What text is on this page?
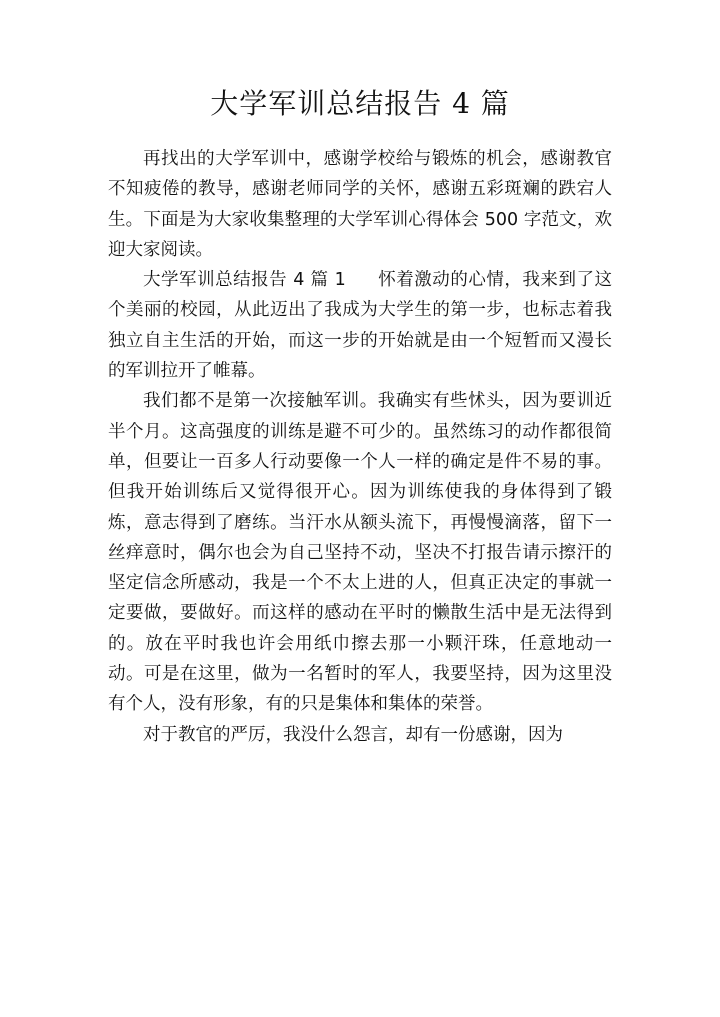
大学军训总结报告 4 篇

再找出的大学军训中，感谢学校给与锻炼的机会，感谢教官不知疲倦的教导，感谢老师同学的关怀，感谢五彩斑斓的跌宕人生。下面是为大家收集整理的大学军训心得体会 500 字范文，欢迎大家阅读。

大学军训总结报告 4 篇 1 怀着激动的心情，我来到了这个美丽的校园，从此迈出了我成为大学生的第一步，也标志着我独立自主生活的开始，而这一步的开始就是由一个短暂而又漫长的军训拉开了帷幕。

我们都不是第一次接触军训。我确实有些怵头，因为要训近半个月。这高强度的训练是避不可少的。虽然练习的动作都很简单，但要让一百多人行动要像一个人一样的确定是件不易的事。但我开始训练后又觉得很开心。因为训练使我的身体得到了锻炼，意志得到了磨练。当汗水从额头流下，再慢慢滴落，留下一丝痒意时，偶尔也会为自己坚持不动，坚决不打报告请示擦汗的坚定信念所感动，我是一个不太上进的人，但真正决定的事就一定要做，要做好。而这样的感动在平时的懒散生活中是无法得到的。放在平时我也许会用纸巾擦去那一小颗汗珠，任意地动一动。可是在这里，做为一名暂时的军人，我要坚持，因为这里没有个人，没有形象，有的只是集体和集体的荣誉。

对于教官的严厉，我没什么怨言，却有一份感谢，因为
